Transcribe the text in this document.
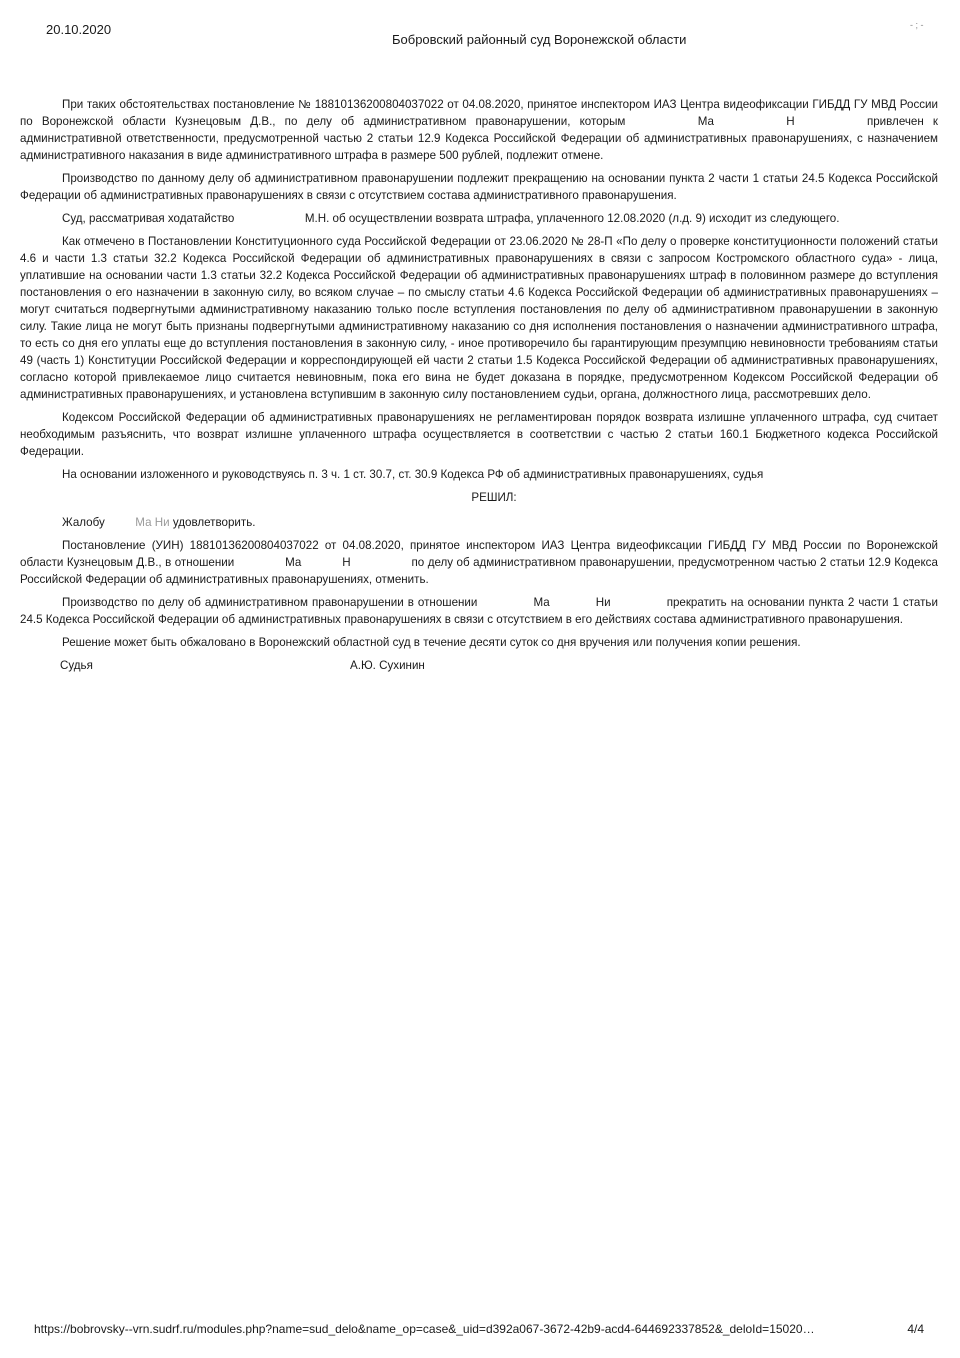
20.10.2020
Бобровский районный суд Воронежской области
- ; -

При таких обстоятельствах постановление № 18810136200804037022 от 04.08.2020, принятое инспектором ИАЗ Центра видеофиксации ГИБДД ГУ МВД России по Воронежской области Кузнецовым Д.В., по делу об административном правонарушении, которым	Ма	Н	привлечен к административной ответственности, предусмотренной частью 2 статьи 12.9 Кодекса Российской Федерации об административных правонарушениях, с назначением административного наказания в виде административного штрафа в размере 500 рублей, подлежит отмене.

Производство по данному делу об административном правонарушении подлежит прекращению на основании пункта 2 части 1 статьи 24.5 Кодекса Российской Федерации об административных правонарушениях в связи с отсутствием состава административного правонарушения.

Суд, рассматривая ходатайство	М.Н. об осуществлении возврата штрафа, уплаченного 12.08.2020 (л.д. 9) исходит из следующего.

Как отмечено в Постановлении Конституционного суда Российской Федерации от 23.06.2020 № 28-П «По делу о проверке конституционности положений статьи 4.6 и части 1.3 статьи 32.2 Кодекса Российской Федерации об административных правонарушениях в связи с запросом Костромского областного суда» - лица, уплатившие на основании части 1.3 статьи 32.2 Кодекса Российской Федерации об административных правонарушениях штраф в половинном размере до вступления постановления о его назначении в законную силу, во всяком случае – по смыслу статьи 4.6 Кодекса Российской Федерации об административных правонарушениях – могут считаться подвергнутыми административному наказанию только после вступления постановления по делу об административном правонарушении в законную силу. Такие лица не могут быть признаны подвергнутыми административному наказанию со дня исполнения постановления о назначении административного штрафа, то есть со дня его уплаты еще до вступления постановления в законную силу, - иное противоречило бы гарантирующим презумпцию невиновности требованиям статьи 49 (часть 1) Конституции Российской Федерации и корреспондирующей ей части 2 статьи 1.5 Кодекса Российской Федерации об административных правонарушениях, согласно которой привлекаемое лицо считается невиновным, пока его вина не будет доказана в порядке, предусмотренном Кодексом Российской Федерации об административных правонарушениях, и установлена вступившим в законную силу постановлением судьи, органа, должностного лица, рассмотревших дело.

Кодексом Российской Федерации об административных правонарушениях не регламентирован порядок возврата излишне уплаченного штрафа, суд считает необходимым разъяснить, что возврат излишне уплаченного штрафа осуществляется в соответствии с частью 2 статьи 160.1 Бюджетного кодекса Российской Федерации.

На основании изложенного и руководствуясь п. 3 ч. 1 ст. 30.7, ст. 30.9 Кодекса РФ об административных правонарушениях, судья

РЕШИЛ:

Жалобу	Ма Ни удовлетворить.

Постановление (УИН) 18810136200804037022 от 04.08.2020, принятое инспектором ИАЗ Центра видеофиксации ГИБДД ГУ МВД России по Воронежской области Кузнецовым Д.В., в отношении	Ма	Н	по делу об административном правонарушении, предусмотренном частью 2 статьи 12.9 Кодекса Российской Федерации об административных правонарушениях, отменить.

Производство по делу об административном правонарушении в отношении	Ма	Ни	прекратить на основании пункта 2 части 1 статьи 24.5 Кодекса Российской Федерации об административных правонарушениях в связи с отсутствием в его действиях состава административного правонарушения.

Решение может быть обжаловано в Воронежский областной суд в течение десяти суток со дня вручения или получения копии решения.

Судья	А.Ю. Сухинин
https://bobrovsky--vrn.sudrf.ru/modules.php?name=sud_delo&name_op=case&_uid=d392a067-3672-42b9-acd4-644692337852&_deloId=15020…	4/4
